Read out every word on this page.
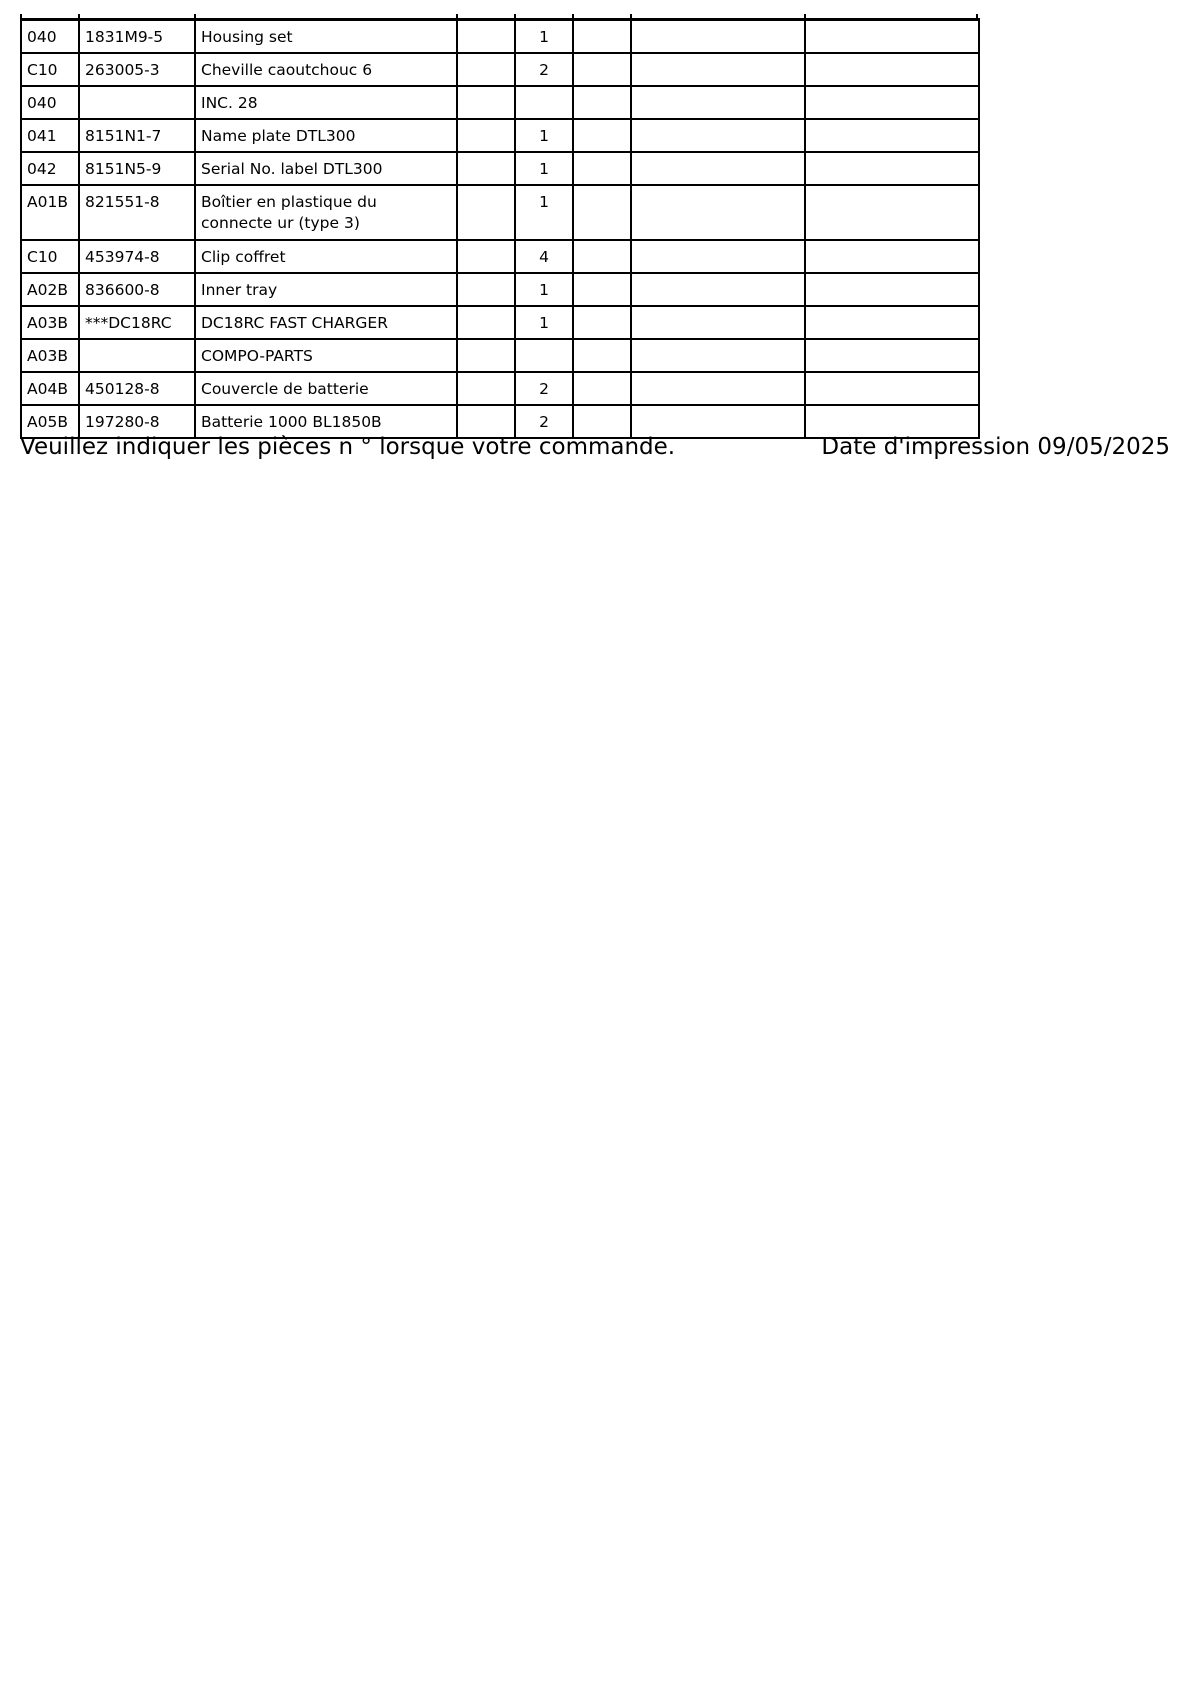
040	1831M9-5	Housing set		1			
C10	263005-3	Cheville caoutchouc 6		2			
040		INC. 28					
041	8151N1-7	Name plate DTL300		1			
042	8151N5-9	Serial No. label DTL300		1			
A01B	821551-8	Boîtier en plastique du connecte ur (type 3)		1			
C10	453974-8	Clip coffret		4			
A02B	836600-8	Inner tray		1			
A03B	***DC18RC	DC18RC FAST CHARGER		1			
A03B		COMPO-PARTS					
A04B	450128-8	Couvercle de batterie		2			
A05B	197280-8	Batterie 1000 BL1850B		2			
Veuillez indiquer les pièces n ° lorsque votre commande.	Date d'impression 09/05/2025
